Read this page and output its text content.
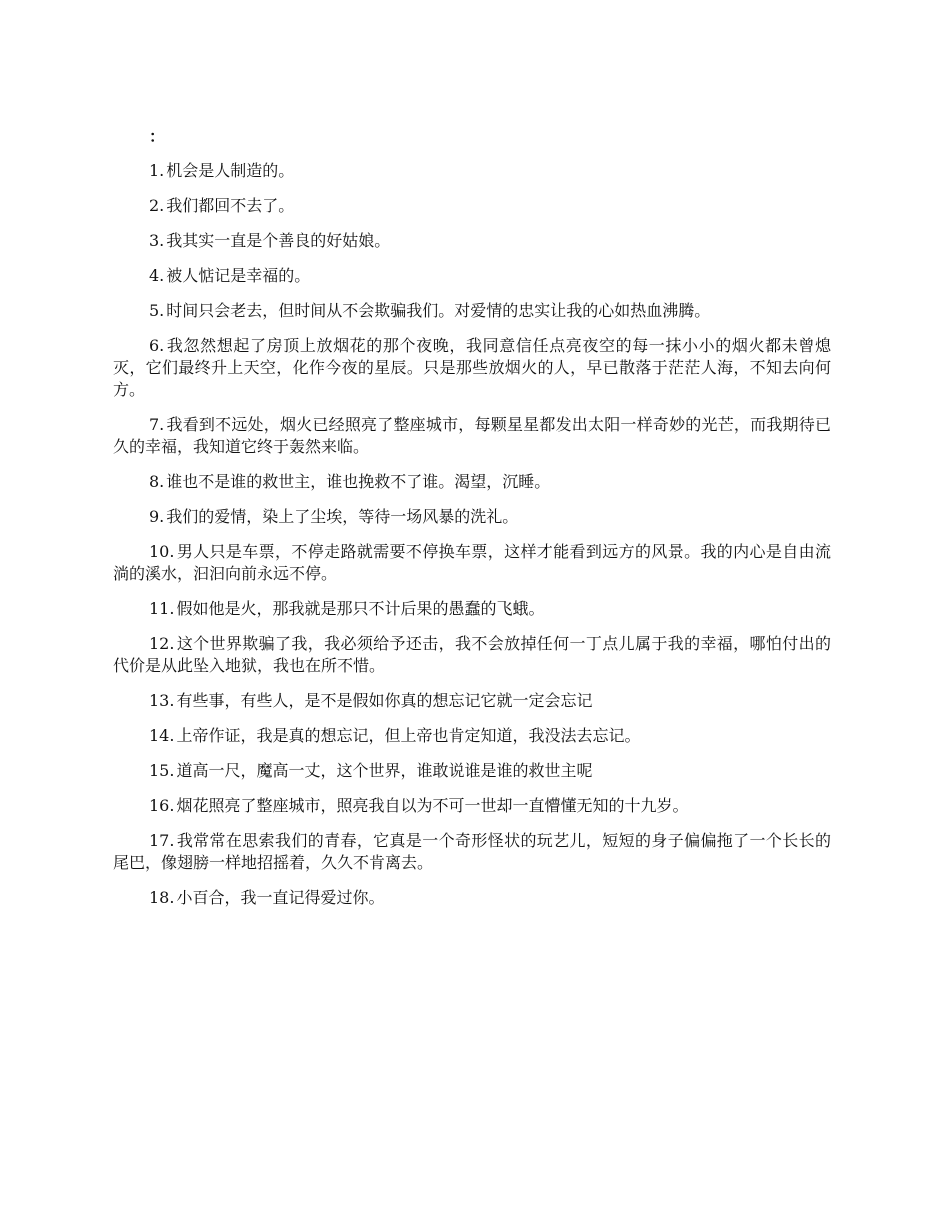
：

1. 机会是人制造的。

2. 我们都回不去了。

3. 我其实一直是个善良的好姑娘。

4. 被人惦记是幸福的。

5. 时间只会老去，但时间从不会欺骗我们。对爱情的忠实让我的心如热血沸腾。

6. 我忽然想起了房顶上放烟花的那个夜晚，我同意信任点亮夜空的每一抹小小的烟火都未曾熄灭，它们最终升上天空，化作今夜的星辰。只是那些放烟火的人，早已散落于茫茫人海，不知去向何方。

7. 我看到不远处，烟火已经照亮了整座城市，每颗星星都发出太阳一样奇妙的光芒，而我期待已久的幸福，我知道它终于轰然来临。

8. 谁也不是谁的救世主，谁也挽救不了谁。渴望，沉睡。

9. 我们的爱情，染上了尘埃，等待一场风暴的洗礼。

10. 男人只是车票，不停走路就需要不停换车票，这样才能看到远方的风景。我的内心是自由流淌的溪水，汩汩向前永远不停。

11. 假如他是火，那我就是那只不计后果的愚蠢的飞蛾。

12. 这个世界欺骗了我，我必须给予还击，我不会放掉任何一丁点儿属于我的幸福，哪怕付出的代价是从此坠入地狱，我也在所不惜。

13. 有些事，有些人，是不是假如你真的想忘记它就一定会忘记

14. 上帝作证，我是真的想忘记，但上帝也肯定知道，我没法去忘记。

15. 道高一尺，魔高一丈，这个世界，谁敢说谁是谁的救世主呢

16. 烟花照亮了整座城市，照亮我自以为不可一世却一直懵懂无知的十九岁。

17. 我常常在思索我们的青春，它真是一个奇形怪状的玩艺儿，短短的身子偏偏拖了一个长长的尾巴，像翅膀一样地招摇着，久久不肯离去。

18. 小百合，我一直记得爱过你。
